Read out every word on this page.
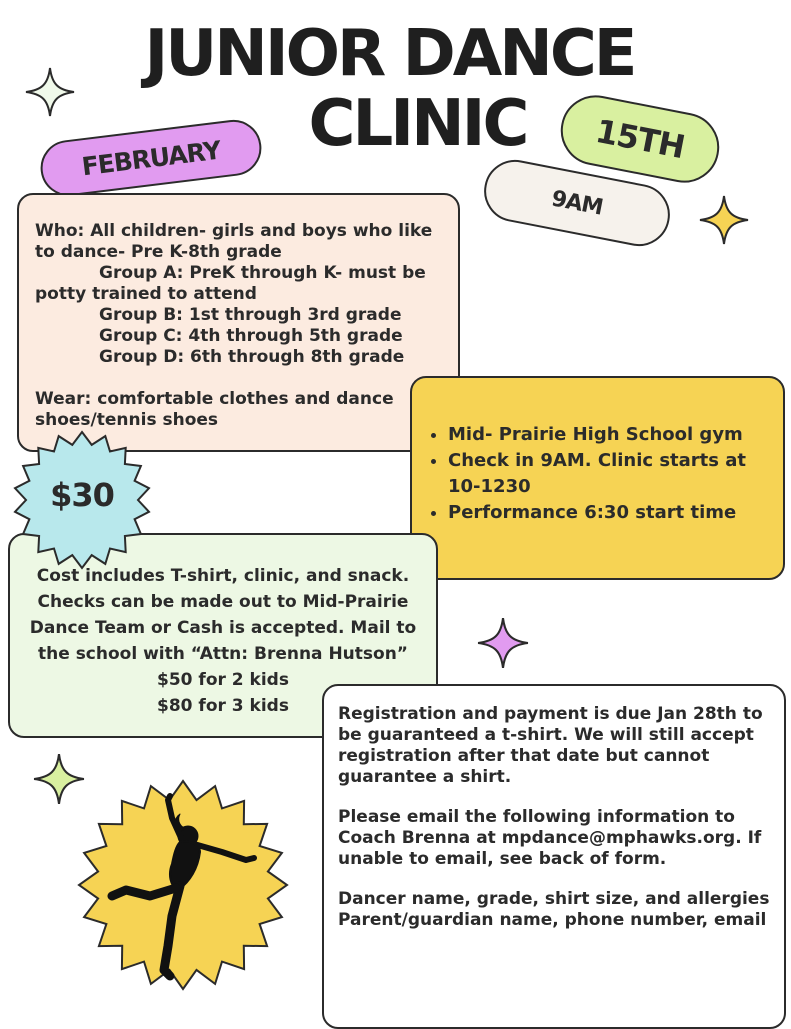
JUNIOR DANCE
CLINIC
FEBRUARY	15TH
9AM

Who: All children- girls and boys who like to dance- Pre K-8th grade

Group A: PreK through K- must be

potty trained to attend

Group B: 1st through 3rd grade

Group C: 4th through 5th grade

Group D: 6th through 8th grade

Wear: comfortable clothes and dance shoes/tennis shoes

• Mid- Prairie High School gym
• Check in 9AM. Clinic starts at 10-1230
• Performance 6:30 start time

Cost includes T-shirt, clinic, and snack. Checks can be made out to Mid-Prairie Dance Team or Cash is accepted. Mail to the school with “Attn: Brenna Hutson”

$50 for 2 kids

$80 for 3 kids

$30

Registration and payment is due Jan 28th to be guaranteed a t-shirt. We will still accept registration after that date but cannot guarantee a shirt.

Please email the following information to Coach Brenna at mpdance@mphawks.org. If unable to email, see back of form.

Dancer name, grade, shirt size, and allergies
Parent/guardian name, phone number, email
